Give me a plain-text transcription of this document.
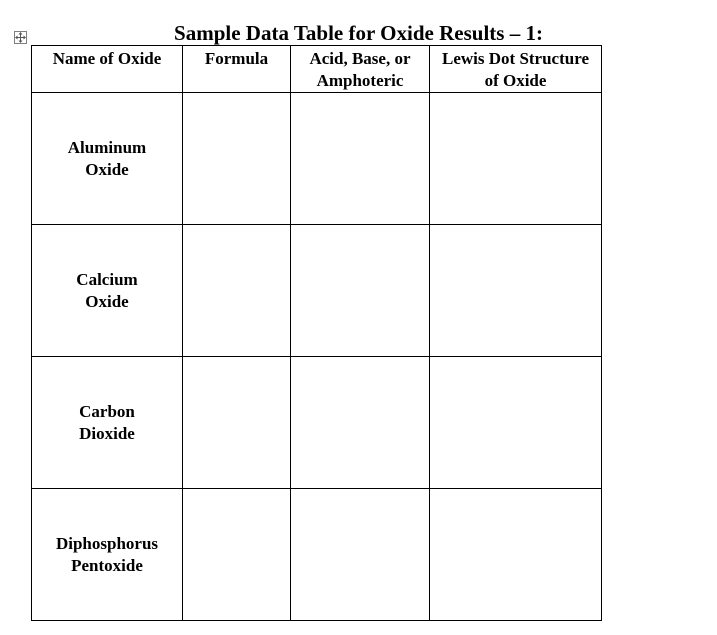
Sample Data Table for Oxide Results – 1:
Name of Oxide	Formula	Acid, Base, or Amphoteric	Lewis Dot Structure of Oxide

Aluminum Oxide			

Calcium Oxide			

Carbon Dioxide			

Diphosphorus Pentoxide			
